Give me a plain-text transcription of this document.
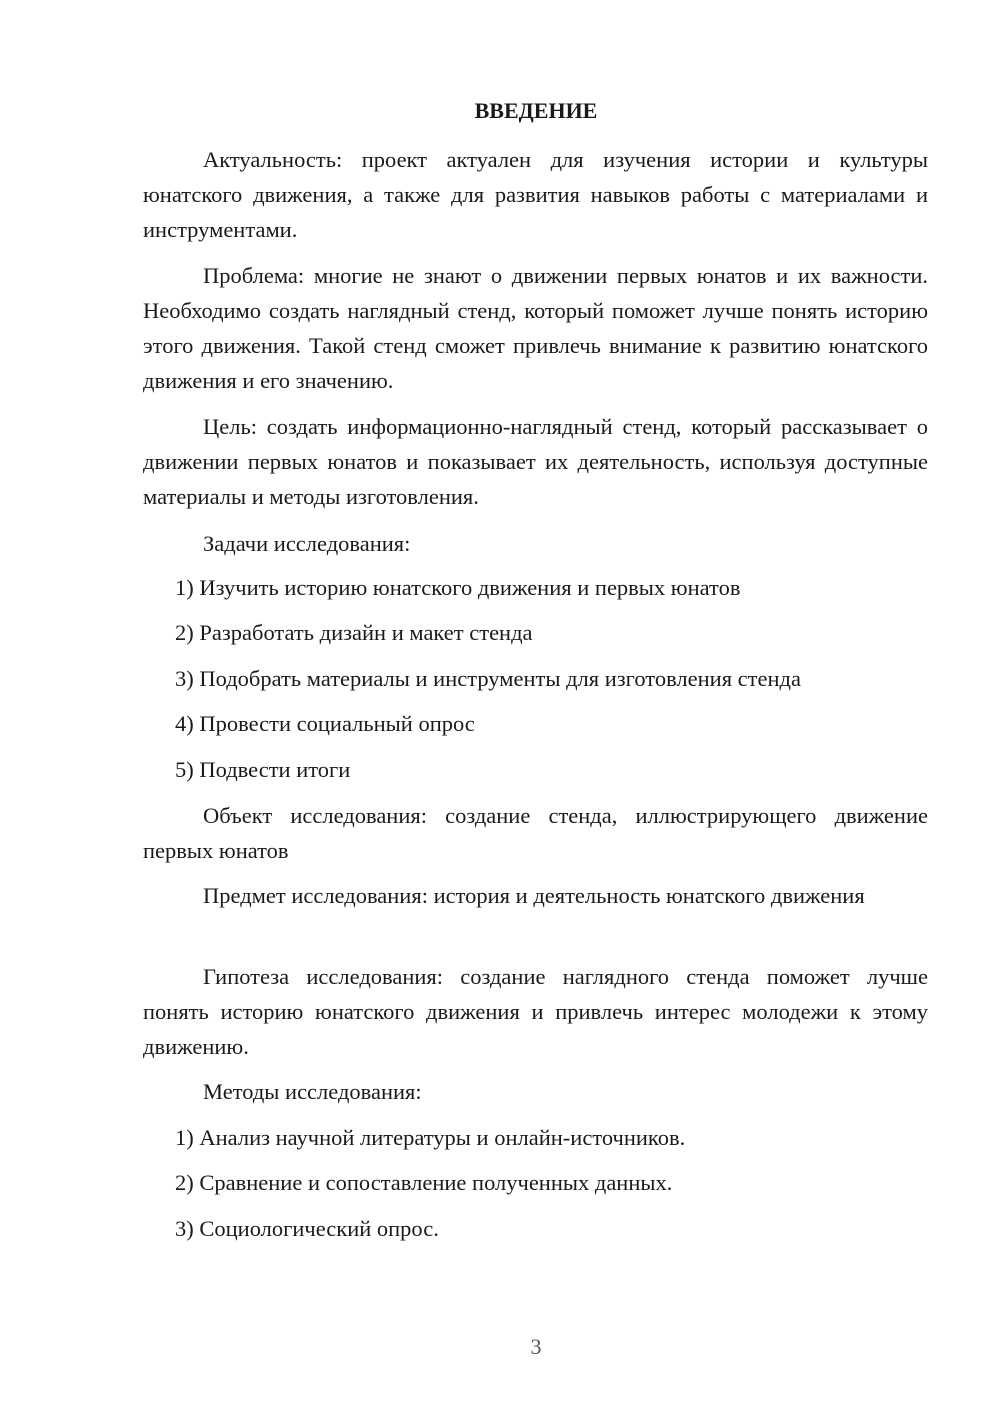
ВВЕДЕНИЕ

Актуальность: проект актуален для изучения истории и культуры юнатского движения, а также для развития навыков работы с материалами и инструментами.

Проблема: многие не знают о движении первых юнатов и их важности. Необходимо создать наглядный стенд, который поможет лучше понять историю этого движения. Такой стенд сможет привлечь внимание к развитию юнатского движения и его значению.

Цель: создать информационно-наглядный стенд, который рассказывает о движении первых юнатов и показывает их деятельность, используя доступные материалы и методы изготовления.

Задачи исследования:

1) Изучить историю юнатского движения и первых юнатов

2) Разработать дизайн и макет стенда

3) Подобрать материалы и инструменты для изготовления стенда

4) Провести социальный опрос

5) Подвести итоги

Объект исследования: создание стенда, иллюстрирующего движение первых юнатов

Предмет исследования: история и деятельность юнатского движения

Гипотеза исследования: создание наглядного стенда поможет лучше понять историю юнатского движения и привлечь интерес молодежи к этому движению.

Методы исследования:

1) Анализ научной литературы и онлайн-источников.

2) Сравнение и сопоставление полученных данных.

3) Социологический опрос.

3
